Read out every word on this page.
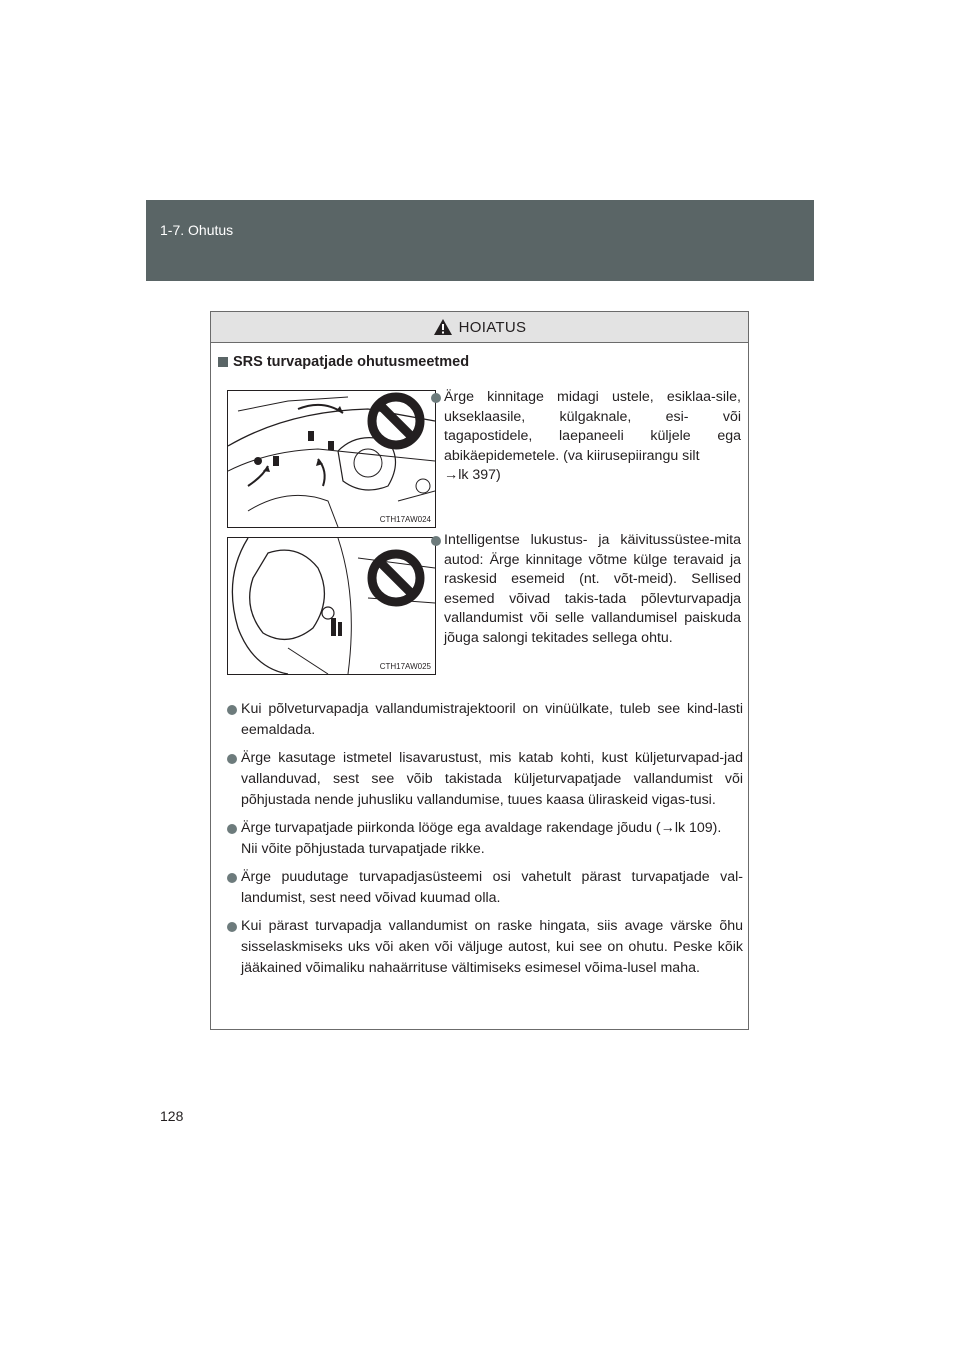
1-7. Ohutus
HOIATUS
SRS turvapatjade ohutusmeetmed
CTH17AW024
CTH17AW025
Ärge kinnitage midagi ustele, esiklaa-sile, ukseklaasile, külgaknale, esi- või tagapostidele, laepaneeli küljele ega abikäepidemetele. (va kiirusepiirangu silt
→lk 397)
Intelligentse lukustus- ja käivitussüstee-mita autod: Ärge kinnitage võtme külge teravaid ja raskesid esemeid (nt. võt-meid). Sellised esemed võivad takis-tada põlevturvapadja vallandumist või selle vallandumisel paiskuda jõuga salongi tekitades sellega ohtu.
Kui põlveturvapadja vallandumistrajektooril on vinüülkate, tuleb see kind-lasti eemaldada.
Ärge kasutage istmetel lisavarustust, mis katab kohti, kust küljeturvapad-jad vallanduvad, sest see võib takistada küljeturvapatjade vallandumist või põhjustada nende juhusliku vallandumise, tuues kaasa üliraskeid vigas-tusi.
Ärge turvapatjade piirkonda lööge ega avaldage rakendage jõudu (→lk 109).
Nii võite põhjustada turvapatjade rikke.
Ärge puudutage turvapadjasüsteemi osi vahetult pärast turvapatjade val-landumist, sest need võivad kuumad olla.
Kui pärast turvapadja vallandumist on raske hingata, siis avage värske õhu sisselaskmiseks uks või aken või väljuge autost, kui see on ohutu. Peske kõik jääkained võimaliku nahaärrituse vältimiseks esimesel võima-lusel maha.
128
